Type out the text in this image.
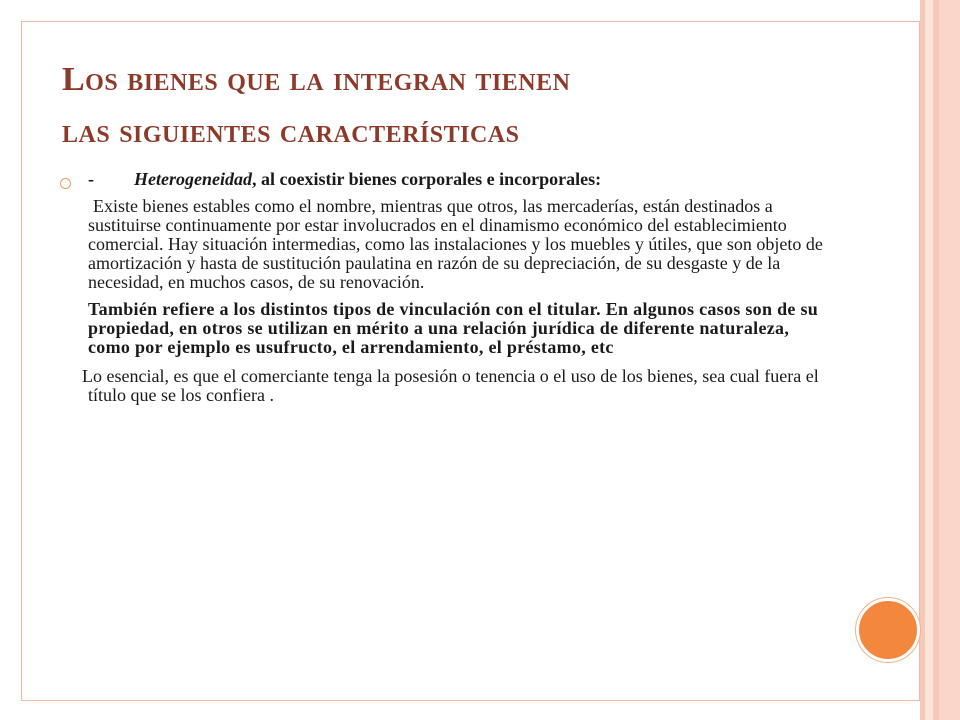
Los bienes que la integran tienen
las siguientes características

- Heterogeneidad, al coexistir bienes corporales e incorporales:

Existe bienes estables como el nombre, mientras que otros, las mercaderías, están destinados a sustituirse continuamente por estar involucrados en el dinamismo económico del establecimiento comercial. Hay situación intermedias, como las instalaciones y los muebles y útiles, que son objeto de amortización y hasta de sustitución paulatina en razón de su depreciación, de su desgaste y de la necesidad, en muchos casos, de su renovación.

También refiere a los distintos tipos de vinculación con el titular. En algunos casos son de su propiedad, en otros se utilizan en mérito a una relación jurídica de diferente naturaleza, como por ejemplo es usufructo, el arrendamiento, el préstamo, etc

Lo esencial, es que el comerciante tenga la posesión o tenencia o el uso de los bienes, sea cual fuera el título que se los confiera .
